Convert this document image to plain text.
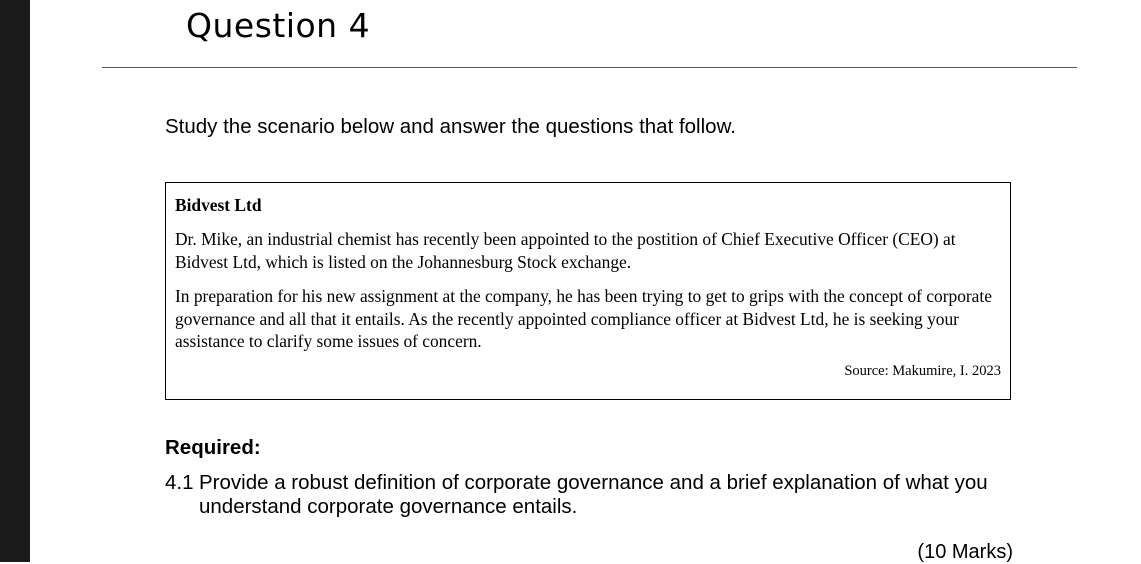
Question 4
Study the scenario below and answer the questions that follow.
Bidvest Ltd

Dr. Mike, an industrial chemist has recently been appointed to the postition of Chief Executive Officer (CEO) at Bidvest Ltd, which is listed on the Johannesburg Stock exchange.

In preparation for his new assignment at the company, he has been trying to get to grips with the concept of corporate governance and all that it entails. As the recently appointed compliance officer at Bidvest Ltd, he is seeking your assistance to clarify some issues of concern.

Source: Makumire, I. 2023
Required:
4.1 Provide a robust definition of corporate governance and a brief explanation of what you understand corporate governance entails.
(10 Marks)
